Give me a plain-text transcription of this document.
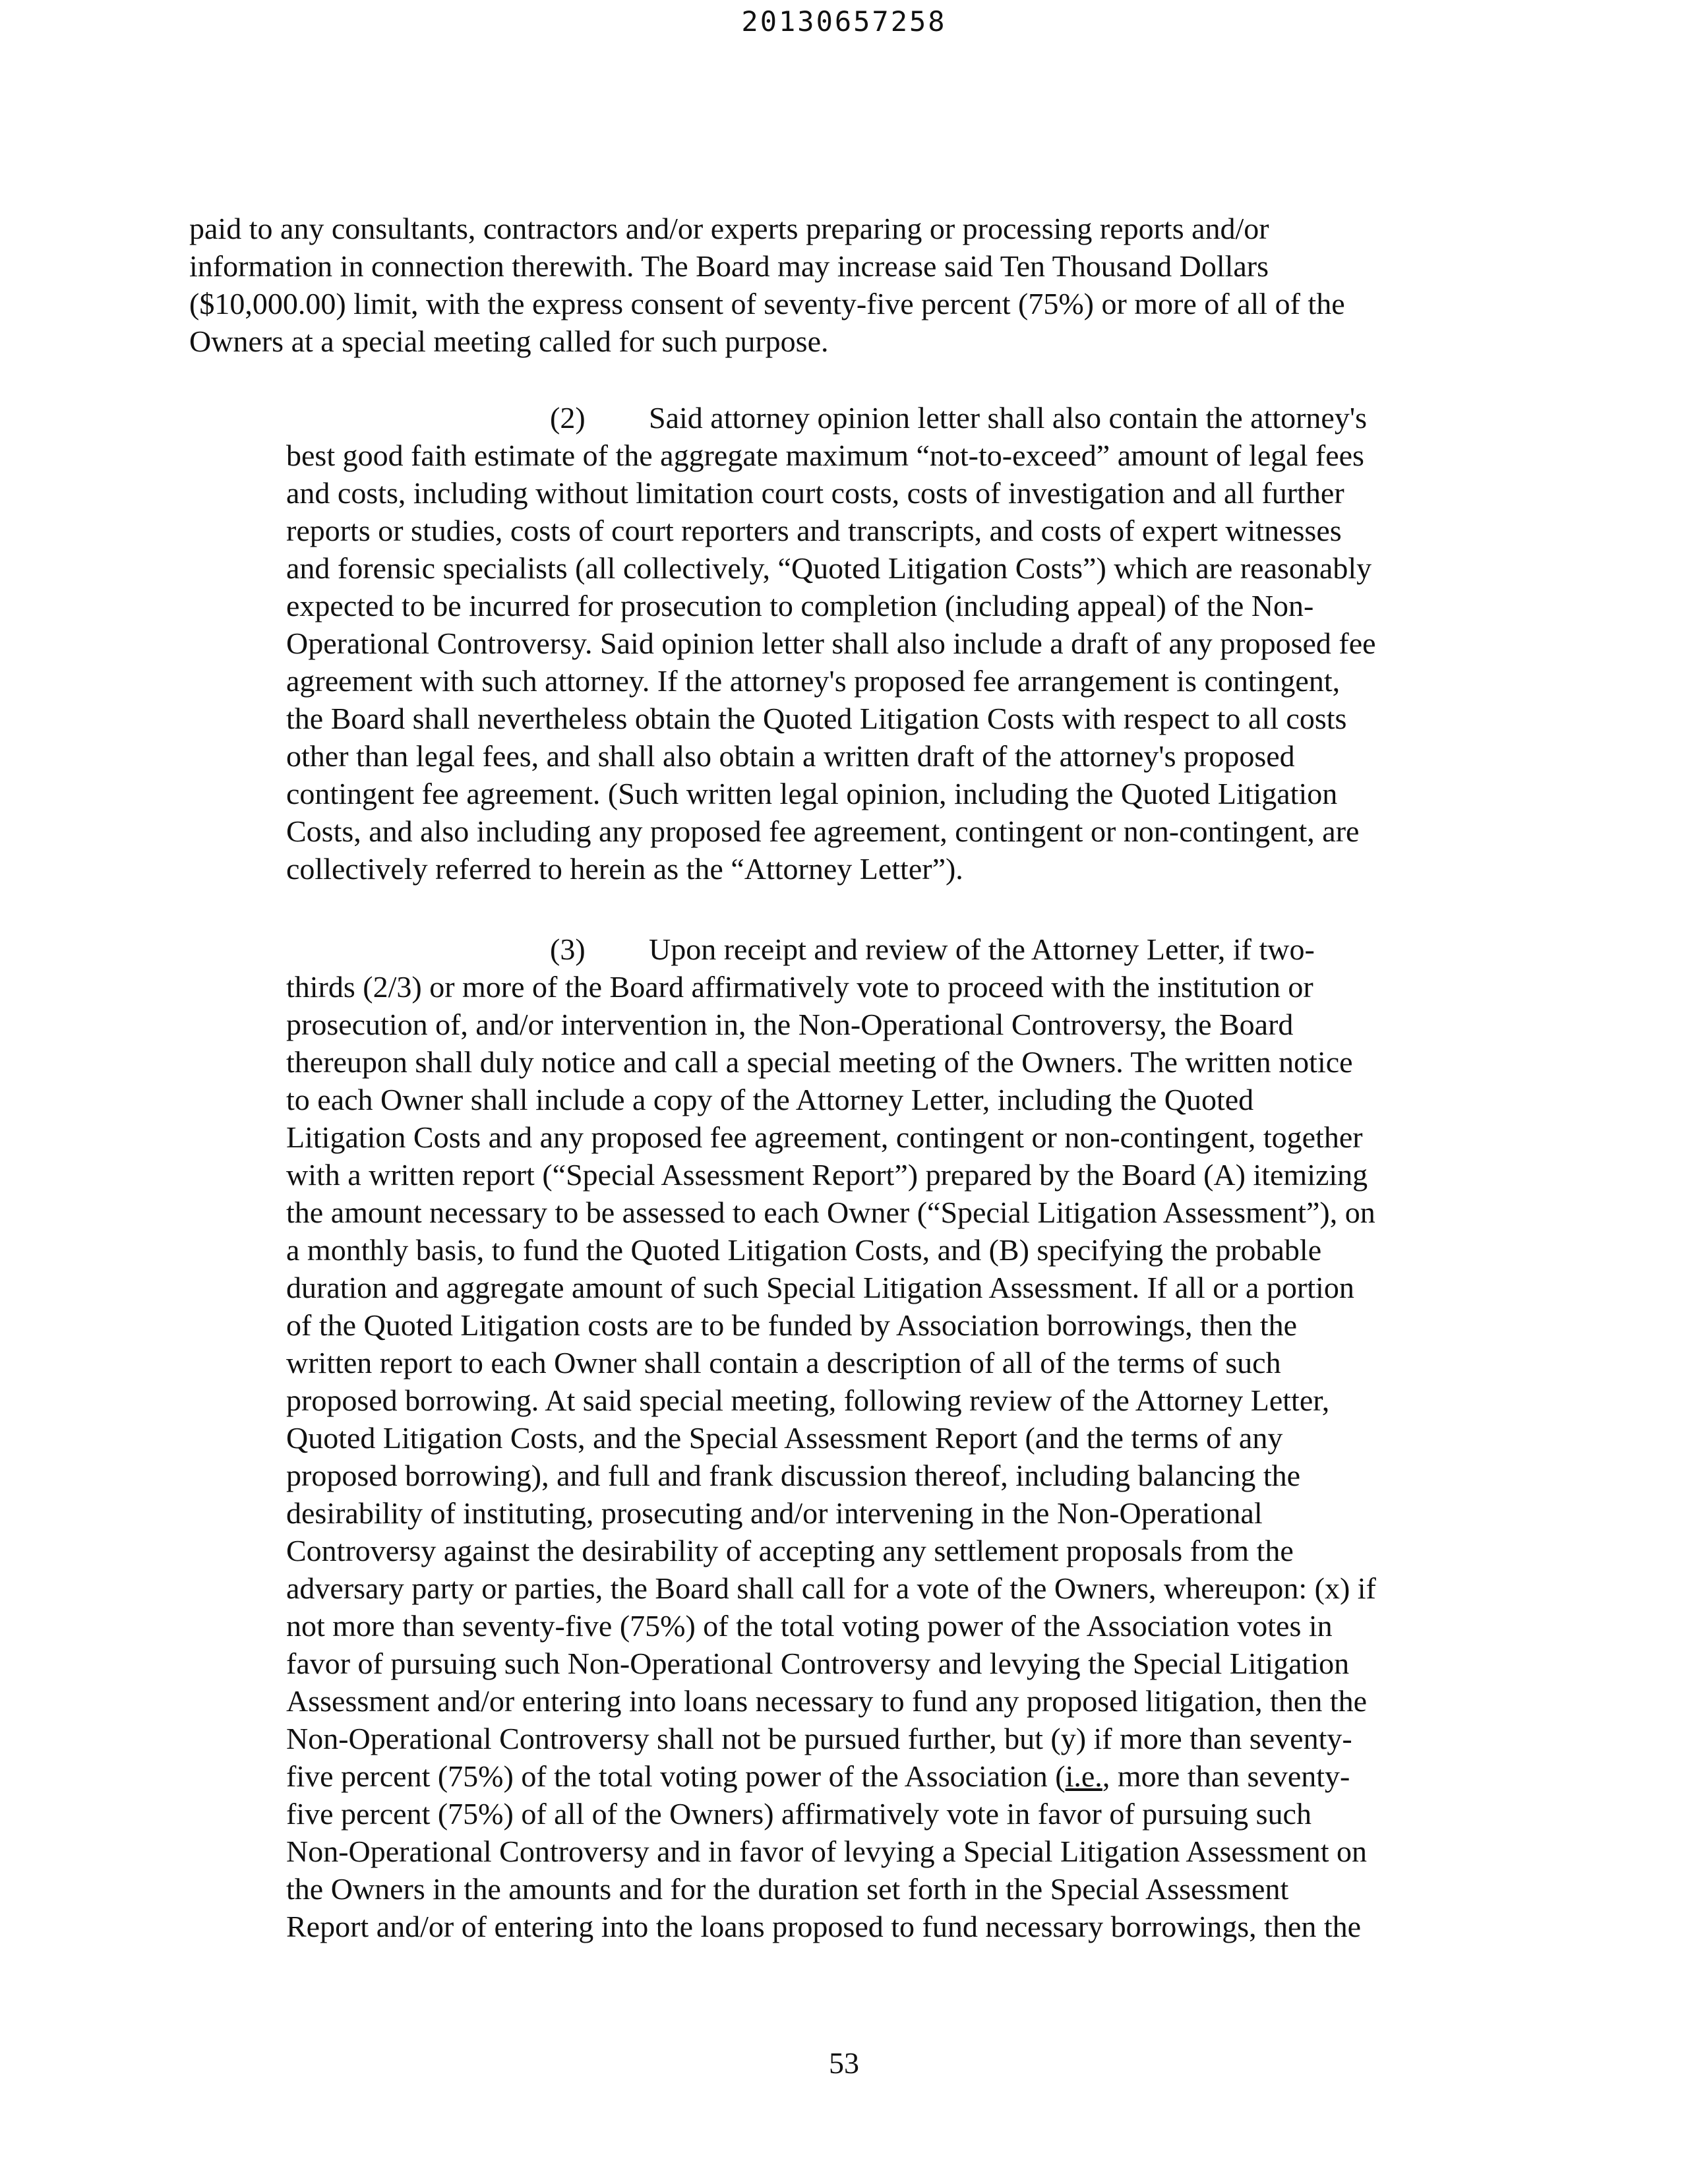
20130657258
paid to any consultants, contractors and/or experts preparing or processing reports and/or
information in connection therewith. The Board may increase said Ten Thousand Dollars
($10,000.00) limit, with the express consent of seventy-five percent (75%) or more of all of the
Owners at a special meeting called for such purpose.
(2) Said attorney opinion letter shall also contain the attorney's
best good faith estimate of the aggregate maximum “not-to-exceed” amount of legal fees
and costs, including without limitation court costs, costs of investigation and all further
reports or studies, costs of court reporters and transcripts, and costs of expert witnesses
and forensic specialists (all collectively, “Quoted Litigation Costs”) which are reasonably
expected to be incurred for prosecution to completion (including appeal) of the Non-
Operational Controversy. Said opinion letter shall also include a draft of any proposed fee
agreement with such attorney. If the attorney's proposed fee arrangement is contingent,
the Board shall nevertheless obtain the Quoted Litigation Costs with respect to all costs
other than legal fees, and shall also obtain a written draft of the attorney's proposed
contingent fee agreement. (Such written legal opinion, including the Quoted Litigation
Costs, and also including any proposed fee agreement, contingent or non-contingent, are
collectively referred to herein as the “Attorney Letter”).
(3) Upon receipt and review of the Attorney Letter, if two-
thirds (2/3) or more of the Board affirmatively vote to proceed with the institution or
prosecution of, and/or intervention in, the Non-Operational Controversy, the Board
thereupon shall duly notice and call a special meeting of the Owners. The written notice
to each Owner shall include a copy of the Attorney Letter, including the Quoted
Litigation Costs and any proposed fee agreement, contingent or non-contingent, together
with a written report (“Special Assessment Report”) prepared by the Board (A) itemizing
the amount necessary to be assessed to each Owner (“Special Litigation Assessment”), on
a monthly basis, to fund the Quoted Litigation Costs, and (B) specifying the probable
duration and aggregate amount of such Special Litigation Assessment. If all or a portion
of the Quoted Litigation costs are to be funded by Association borrowings, then the
written report to each Owner shall contain a description of all of the terms of such
proposed borrowing. At said special meeting, following review of the Attorney Letter,
Quoted Litigation Costs, and the Special Assessment Report (and the terms of any
proposed borrowing), and full and frank discussion thereof, including balancing the
desirability of instituting, prosecuting and/or intervening in the Non-Operational
Controversy against the desirability of accepting any settlement proposals from the
adversary party or parties, the Board shall call for a vote of the Owners, whereupon: (x) if
not more than seventy-five (75%) of the total voting power of the Association votes in
favor of pursuing such Non-Operational Controversy and levying the Special Litigation
Assessment and/or entering into loans necessary to fund any proposed litigation, then the
Non-Operational Controversy shall not be pursued further, but (y) if more than seventy-
five percent (75%) of the total voting power of the Association (i.e., more than seventy-
five percent (75%) of all of the Owners) affirmatively vote in favor of pursuing such
Non-Operational Controversy and in favor of levying a Special Litigation Assessment on
the Owners in the amounts and for the duration set forth in the Special Assessment
Report and/or of entering into the loans proposed to fund necessary borrowings, then the
53
